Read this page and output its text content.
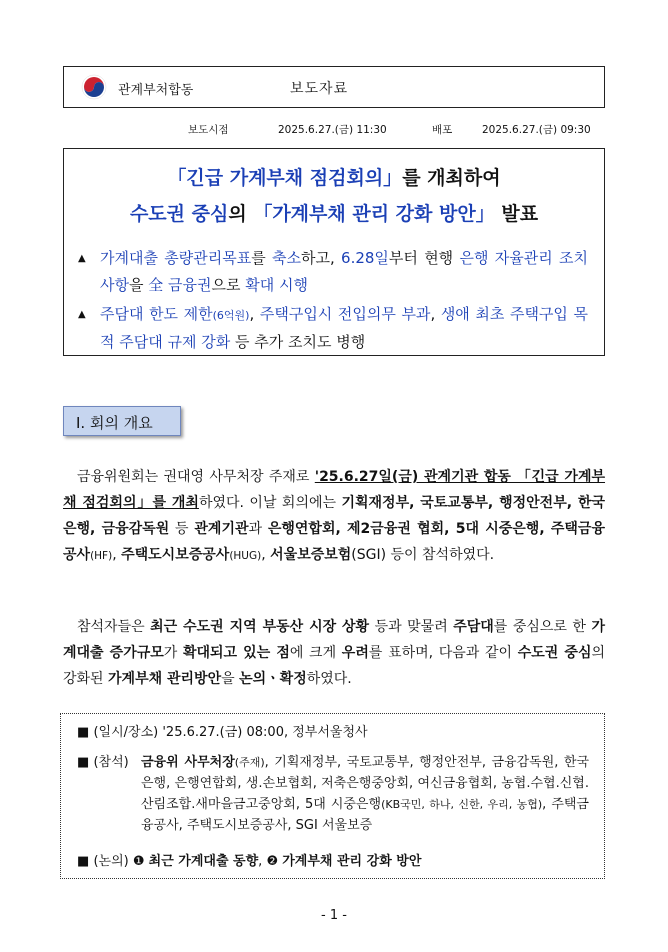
관계부처합동	보도자료
보도시점	2025.6.27.(금) 11:30	배포	2025.6.27.(금) 09:30
「긴급 가계부채 점검회의」를 개최하여
수도권 중심의 「가계부채 관리 강화 방안」 발표
▲ 가계대출 총량관리목표를 축소하고, 6.28일부터 현행 은행 자율관리 조치사항을 全 금융권으로 확대 시행
▲ 주담대 한도 제한(6억원), 주택구입시 전입의무 부과, 생애 최초 주택구입 목적 주담대 규제 강화 등 추가 조치도 병행
Ⅰ. 회의 개요
금융위원회는 권대영 사무처장 주재로 '25.6.27일(금) 관계기관 합동 「긴급 가계부채 점검회의」를 개최하였다. 이날 회의에는 기획재정부, 국토교통부, 행정안전부, 한국은행, 금융감독원 등 관계기관과 은행연합회, 제2금융권 협회, 5대 시중은행, 주택금융공사(HF), 주택도시보증공사(HUG), 서울보증보험(SGI) 등이 참석하였다.
참석자들은 최근 수도권 지역 부동산 시장 상황 등과 맞물려 주담대를 중심으로 한 가계대출 증가규모가 확대되고 있는 점에 크게 우려를 표하며, 다음과 같이 수도권 중심의 강화된 가계부채 관리방안을 논의ㆍ확정하였다.
■ (일시/장소) '25.6.27.(금) 08:00, 정부서울청사
■ (참석) 금융위 사무처장(주재), 기획재정부, 국토교통부, 행정안전부, 금융감독원, 한국은행, 은행연합회, 생.손보협회, 저축은행중앙회, 여신금융협회, 농협.수협.신협.산림조합.새마을금고중앙회, 5대 시중은행(KB국민, 하나, 신한, 우리, 농협), 주택금융공사, 주택도시보증공사, SGI 서울보증
■ (논의) ❶ 최근 가계대출 동향, ❷ 가계부채 관리 강화 방안
- 1 -
